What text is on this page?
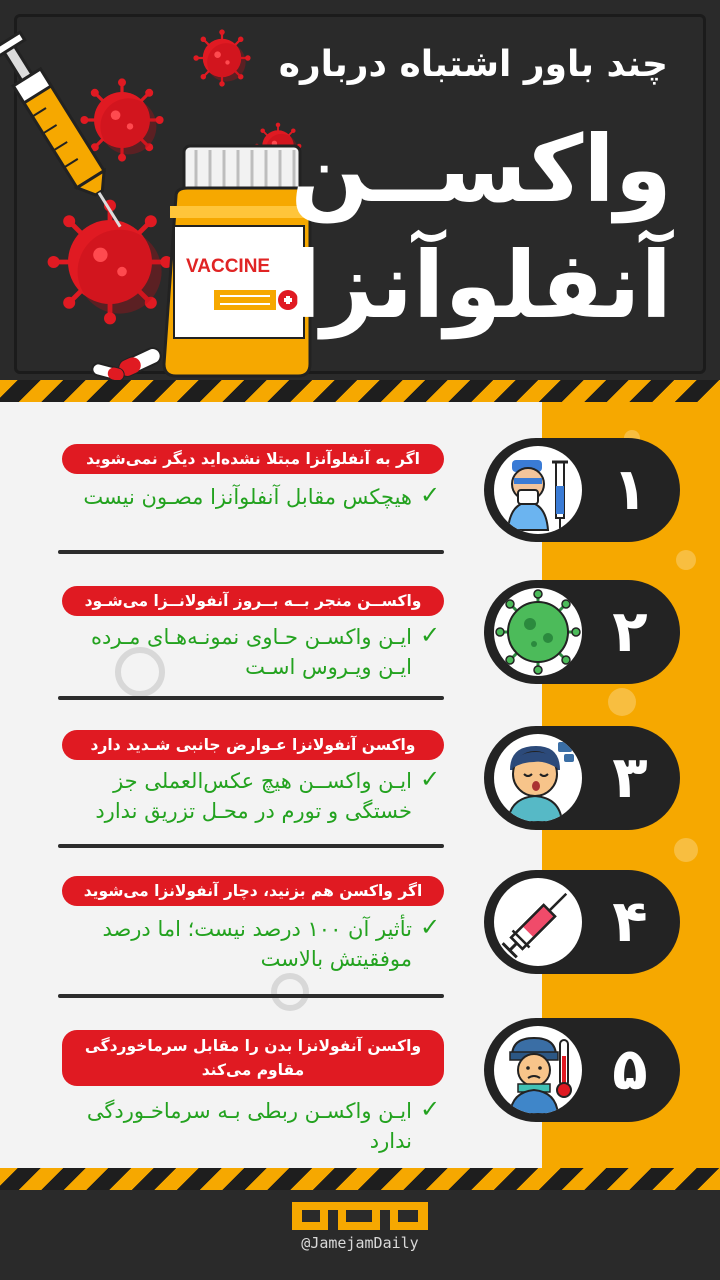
VACCINE
چند باور اشتباه درباره
واکســن
آنفلوآنزا
اگر به آنفلوآنزا مبتلا نشده‌اید دیگر نمی‌شوید
هیچکس مقابل آنفلوآنزا مصـون نیست ✓	۱
واکســن منجر بــه بــروز آنفولانــزا می‌شـود
ایـن واکسـن حـاوی نمونـه‌هـای مـرده ایـن ویـروس اسـت
✓	۲
واکسن آنفولانزا عـوارض جانبی شـدید دارد
ایـن واکســن هیچ عکس‌العملی جز خستگی و تورم در محـل تزریق ندارد
✓	۳
اگر واکسن هم بزنید، دچار آنفولانزا می‌شوید
تأثیر آن ۱۰۰ درصد نیست؛ اما درصد موفقیتش بالاست
✓	۴
واکسن آنفولانزا بدن را مقابل سرماخوردگی مقاوم می‌کند
ایـن واکسـن ربطی بـه سرماخـوردگی ندارد
✓
۵
@JamejamDaily
